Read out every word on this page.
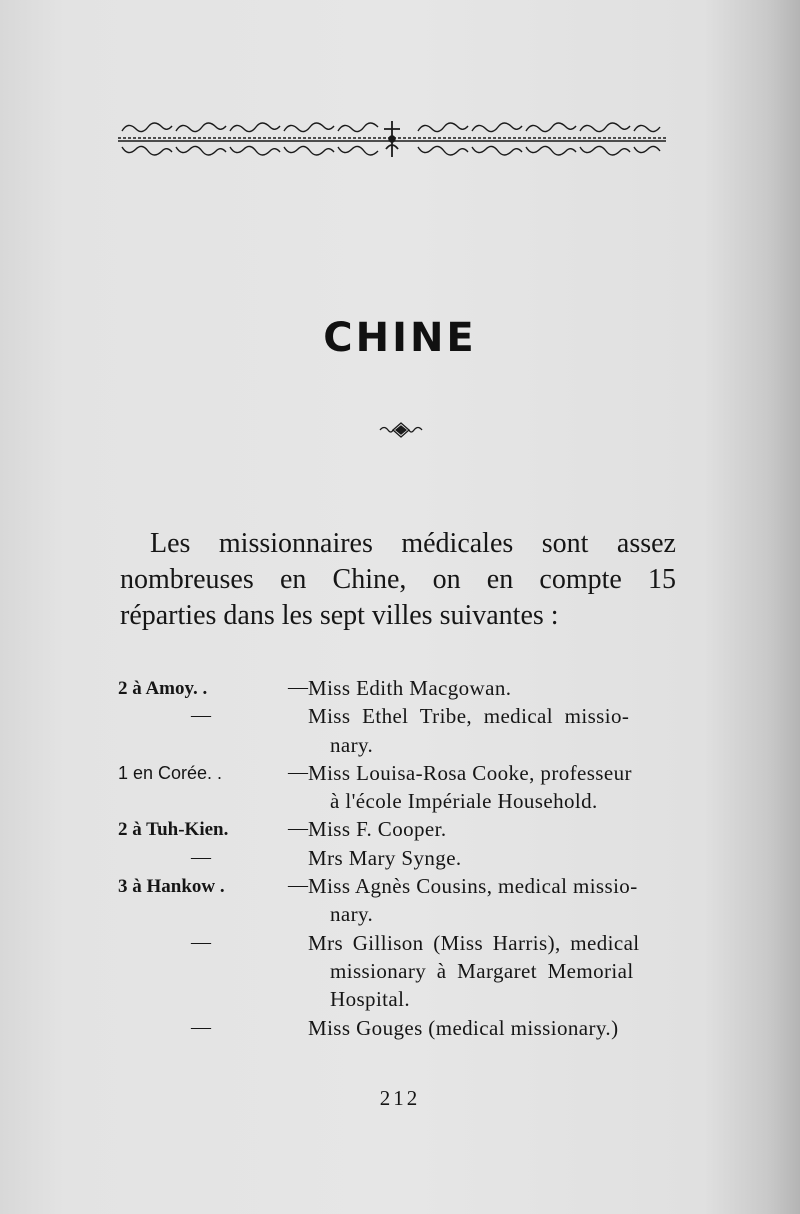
CHINE
Les missionnaires médicales sont assez
nombreuses en Chine, on en compte 15
réparties dans les sept villes suivantes :
2 à Amoy. .	— Miss Edith Macgowan.
—	Miss Ethel Tribe, medical missio-
nary.
1 en Corée. .	— Miss Louisa-Rosa Cooke, professeur
à l'école Impériale Household.
2 à Tuh-Kien.	— Miss F. Cooper.
—	Mrs Mary Synge.
3 à Hankow .	— Miss Agnès Cousins, medical missio-
nary.
—	Mrs Gillison (Miss Harris), medical
missionary à Margaret Memorial
Hospital.
—	Miss Gouges (medical missionary.)
212
